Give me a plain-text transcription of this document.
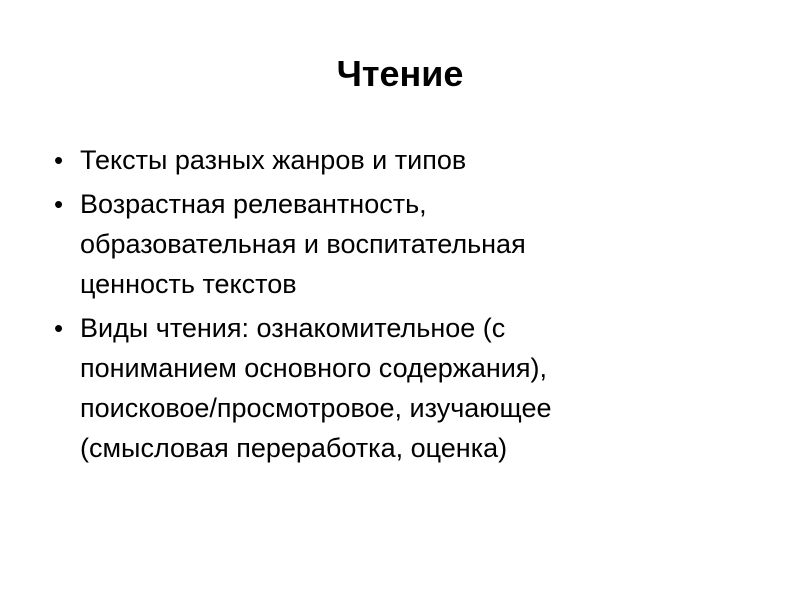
Чтение
• Тексты разных жанров и типов
• Возрастная релевантность,
образовательная и воспитательная
ценность текстов
• Виды чтения: ознакомительное (с
пониманием основного содержания),
поисковое/просмотровое, изучающее
(смысловая переработка, оценка)
